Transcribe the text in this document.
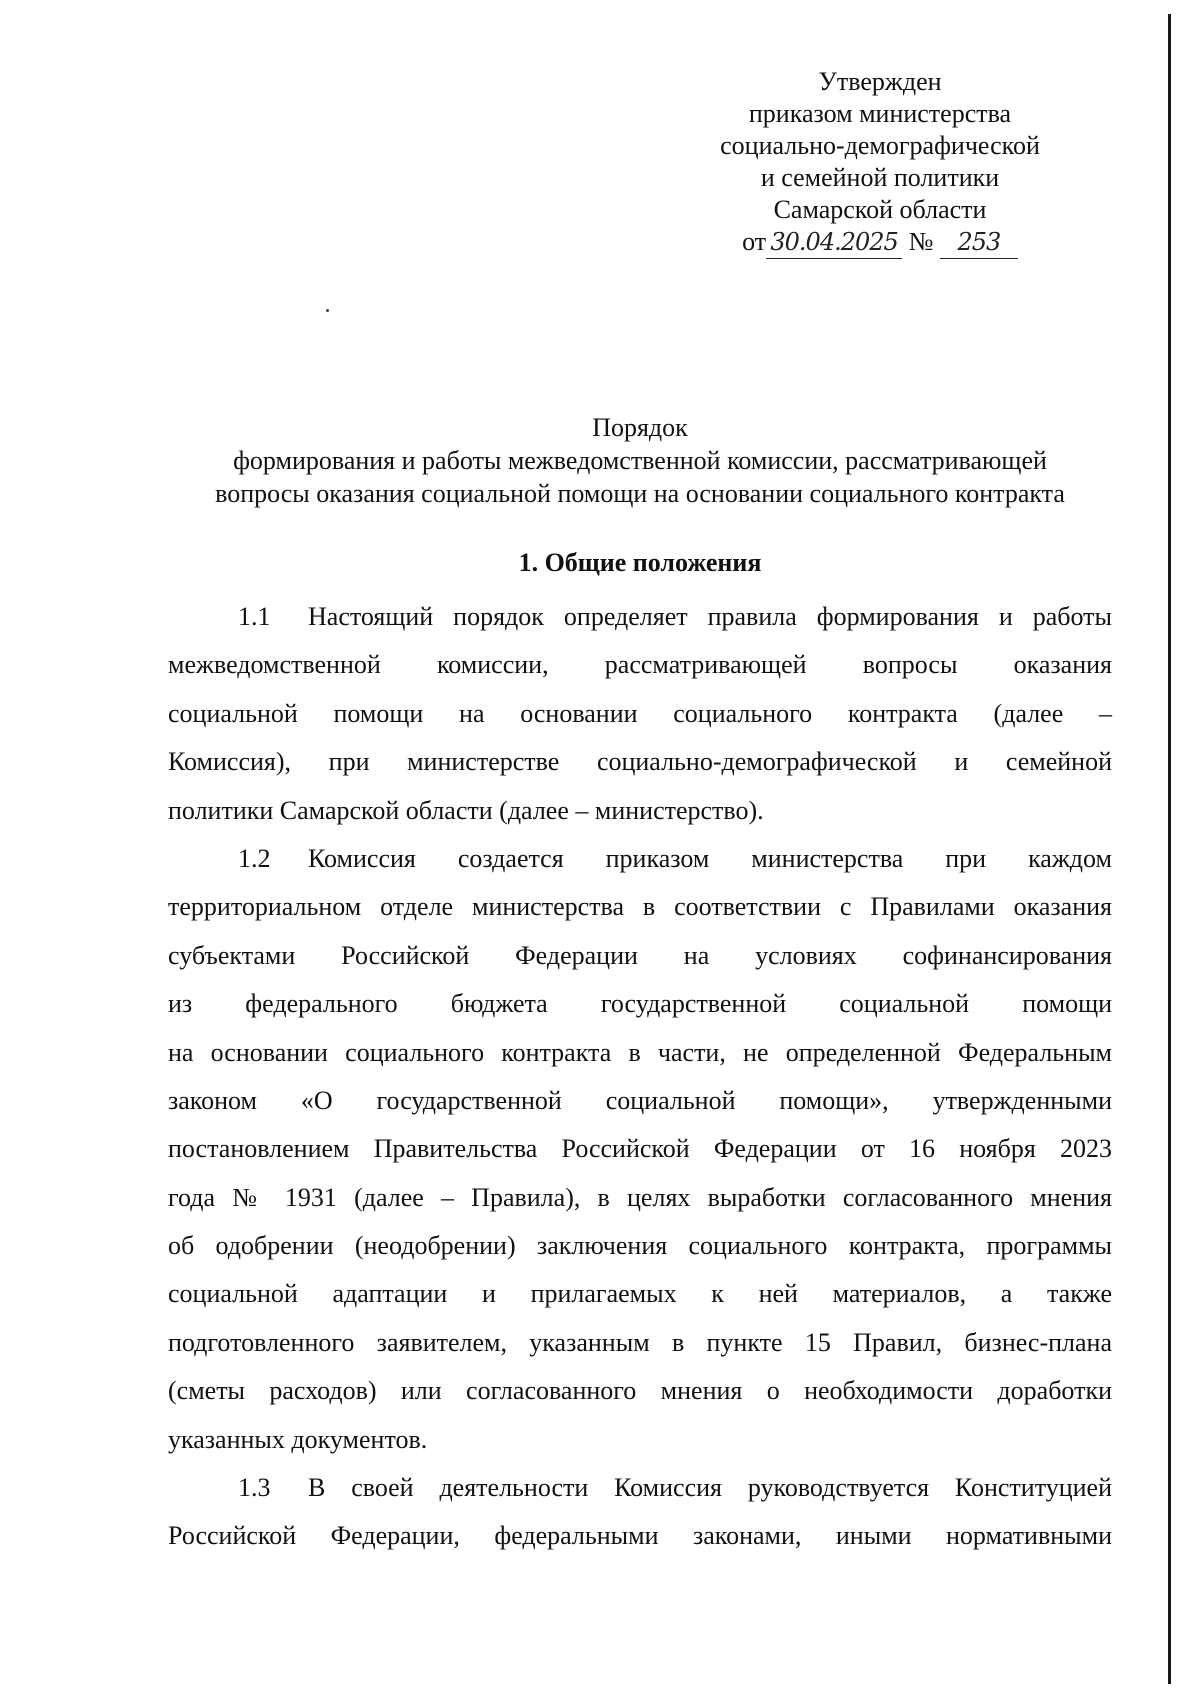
Утвержден
приказом министерства
социально-демографической
и семейной политики
Самарской области
от 30.04.2025 № 253
Порядок
формирования и работы межведомственной комиссии, рассматривающей
вопросы оказания социальной помощи на основании социального контракта
1. Общие положения
1.1 Настоящий порядок определяет правила формирования и работы
межведомственной комиссии, рассматривающей вопросы оказания
социальной помощи на основании социального контракта (далее –
Комиссия), при министерстве социально-демографической и семейной
политики Самарской области (далее – министерство).
1.2 Комиссия создается приказом министерства при каждом
территориальном отделе министерства в соответствии с Правилами оказания
субъектами Российской Федерации на условиях софинансирования
из федерального бюджета государственной социальной помощи
на основании социального контракта в части, не определенной Федеральным
законом «О государственной социальной помощи», утвержденными
постановлением Правительства Российской Федерации от 16 ноября 2023
года № 1931 (далее – Правила), в целях выработки согласованного мнения
об одобрении (неодобрении) заключения социального контракта, программы
социальной адаптации и прилагаемых к ней материалов, а также
подготовленного заявителем, указанным в пункте 15 Правил, бизнес-плана
(сметы расходов) или согласованного мнения о необходимости доработки
указанных документов.
1.3 В своей деятельности Комиссия руководствуется Конституцией
Российской Федерации, федеральными законами, иными нормативными
